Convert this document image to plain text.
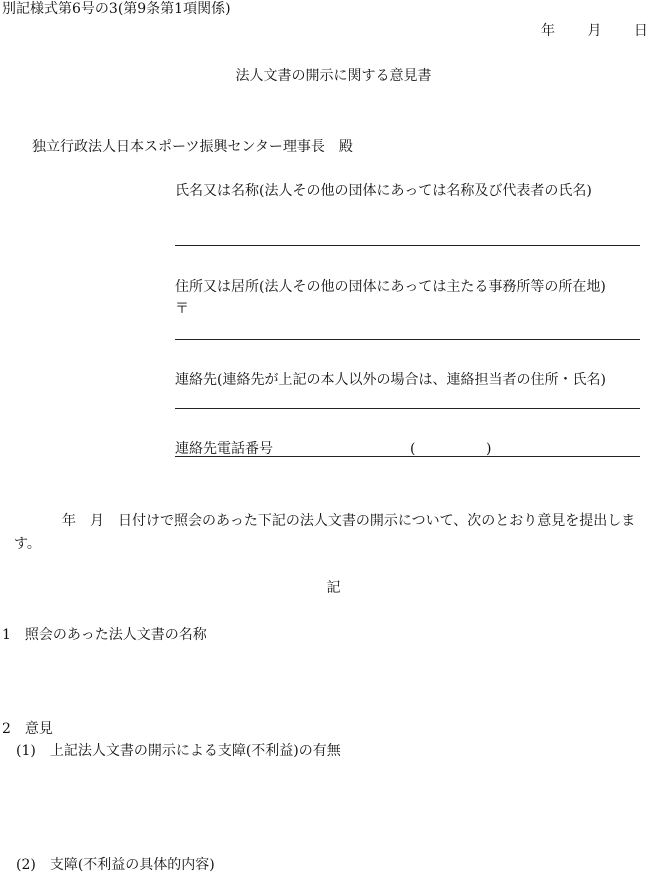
別記様式第6号の3(第9条第1項関係)
年 月 日
法人文書の開示に関する意見書
独立行政法人日本スポーツ振興センター理事長　殿
氏名又は名称(法人その他の団体にあっては名称及び代表者の氏名)
住所又は居所(法人その他の団体にあっては主たる事務所等の所在地)
〒
連絡先(連絡先が上記の本人以外の場合は、連絡担当者の住所・氏名)
連絡先電話番号	(	)
　年　月　日付けで照会のあった下記の法人文書の開示について、次のとおり意見を提出しま
す。
記
1　照会のあった法人文書の名称
2　意見
(1)　上記法人文書の開示による支障(不利益)の有無
(2)　支障(不利益の具体的内容)
